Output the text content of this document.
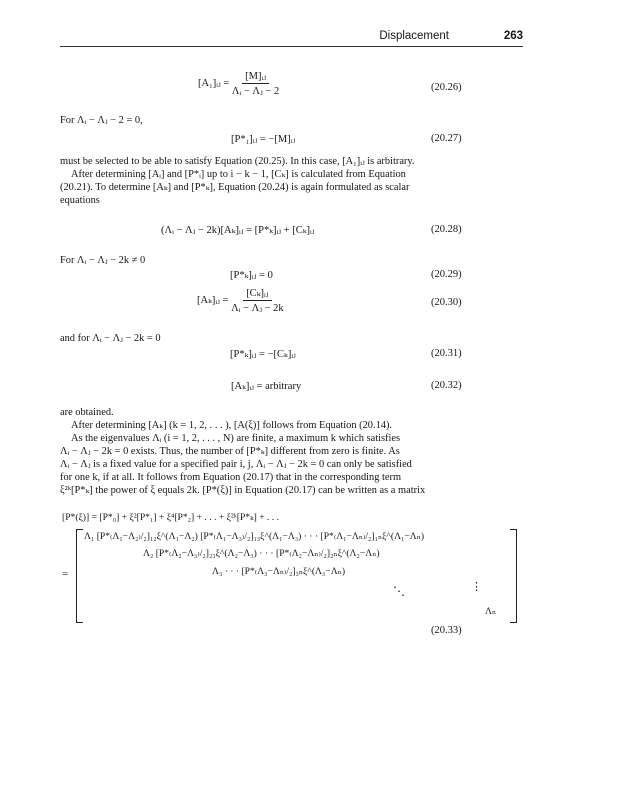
Displacement	263
[A₁]ᵢⱼ = $\frac{\text{[M]ᵢⱼ}}{\text{Λᵢ − Λⱼ − 2}}$	(20.26)
For Λᵢ − Λⱼ − 2 = 0,
[P*₁]ᵢⱼ = −[M]ᵢⱼ	(20.27)
must be selected to be able to satisfy Equation (20.25). In this case, [A₁]ᵢⱼ is arbitrary.
After determining [Aᵢ] and [P*ᵢ] up to i − k − 1, [Cₖ] is calculated from Equation
(20.21). To determine [Aₖ] and [P*ₖ], Equation (20.24) is again formulated as scalar
equations
(Λᵢ − Λⱼ − 2k)[Aₖ]ᵢⱼ = [P*ₖ]ᵢⱼ + [Cₖ]ᵢⱼ	(20.28)
For Λᵢ − Λⱼ − 2k ≠ 0
[P*ₖ]ᵢⱼ = 0	(20.29)
[Aₖ]ᵢⱼ = $\frac{\text{[Cₖ]ᵢⱼ}}{\text{Λᵢ − Λⱼ − 2k}}$	(20.30)
and for Λᵢ − Λⱼ − 2k = 0
[P*ₖ]ᵢⱼ = −[Cₖ]ᵢⱼ	(20.31)
[Aₖ]ᵢⱼ = arbitrary	(20.32)
are obtained.
After determining [Aₖ] (k = 1, 2, . . . ), [A(ξ)] follows from Equation (20.14).
As the eigenvalues Λᵢ (i = 1, 2, . . . , N) are finite, a maximum k which satisfies
Λᵢ − Λⱼ − 2k = 0 exists. Thus, the number of [P*ₖ] different from zero is finite. As
Λᵢ − Λⱼ is a fixed value for a specified pair i, j, Λᵢ − Λⱼ − 2k = 0 can only be satisfied
for one k, if at all. It follows from Equation (20.17) that in the corresponding term
ξ²ᵏ[P*ₖ] the power of ξ equals 2k. [P*(ξ)] in Equation (20.17) can be written as a matrix
[P*(ξ)] = [P*₀] + ξ²[P*₁] + ξ⁴[P*₂] + . . . + ξ²ᵏ[P*ₖ] + . . .
=
Λ₁ [P*₍Λ₁−Λ₂₎/₂]₁₂ξ^(Λ₁−Λ₂) [P*₍Λ₁−Λ₃₎/₂]₁₃ξ^(Λ₁−Λ₃) · · · [P*₍Λ₁−Λₙ₎/₂]₁ₙξ^(Λ₁−Λₙ)
Λ₂ [P*₍Λ₂−Λ₃₎/₂]₂₃ξ^(Λ₂−Λ₃) · · · [P*₍Λ₂−Λₙ₎/₂]₂ₙξ^(Λ₂−Λₙ)
Λ₃ · · · [P*₍Λ₃−Λₙ₎/₂]₃ₙξ^(Λ₃−Λₙ)
⋱	⋮
Λₙ
(20.33)
